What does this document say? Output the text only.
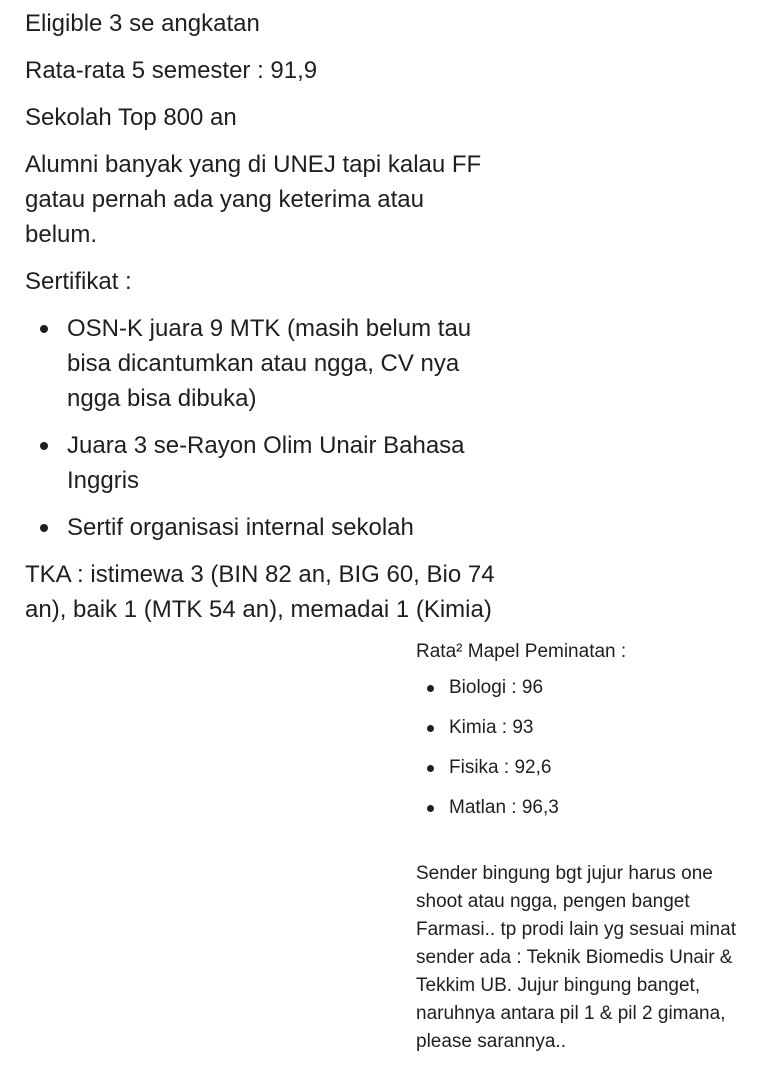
Eligible 3 se angkatan

Rata-rata 5 semester : 91,9

Sekolah Top 800 an

Alumni banyak yang di UNEJ tapi kalau FF gatau pernah ada yang keterima atau belum.

Sertifikat :

OSN-K juara 9 MTK (masih belum tau bisa dicantumkan atau ngga, CV nya ngga bisa dibuka)
Juara 3 se-Rayon Olim Unair Bahasa Inggris
Sertif organisasi internal sekolah

TKA : istimewa 3 (BIN 82 an, BIG 60, Bio 74 an), baik 1 (MTK 54 an), memadai 1 (Kimia)

Rata² Mapel Peminatan :

Biologi : 96
Kimia : 93
Fisika : 92,6
Matlan : 96,3

Sender bingung bgt jujur harus one shoot atau ngga, pengen banget Farmasi.. tp prodi lain yg sesuai minat sender ada : Teknik Biomedis Unair & Tekkim UB. Jujur bingung banget, naruhnya antara pil 1 & pil 2 gimana, please sarannya..
